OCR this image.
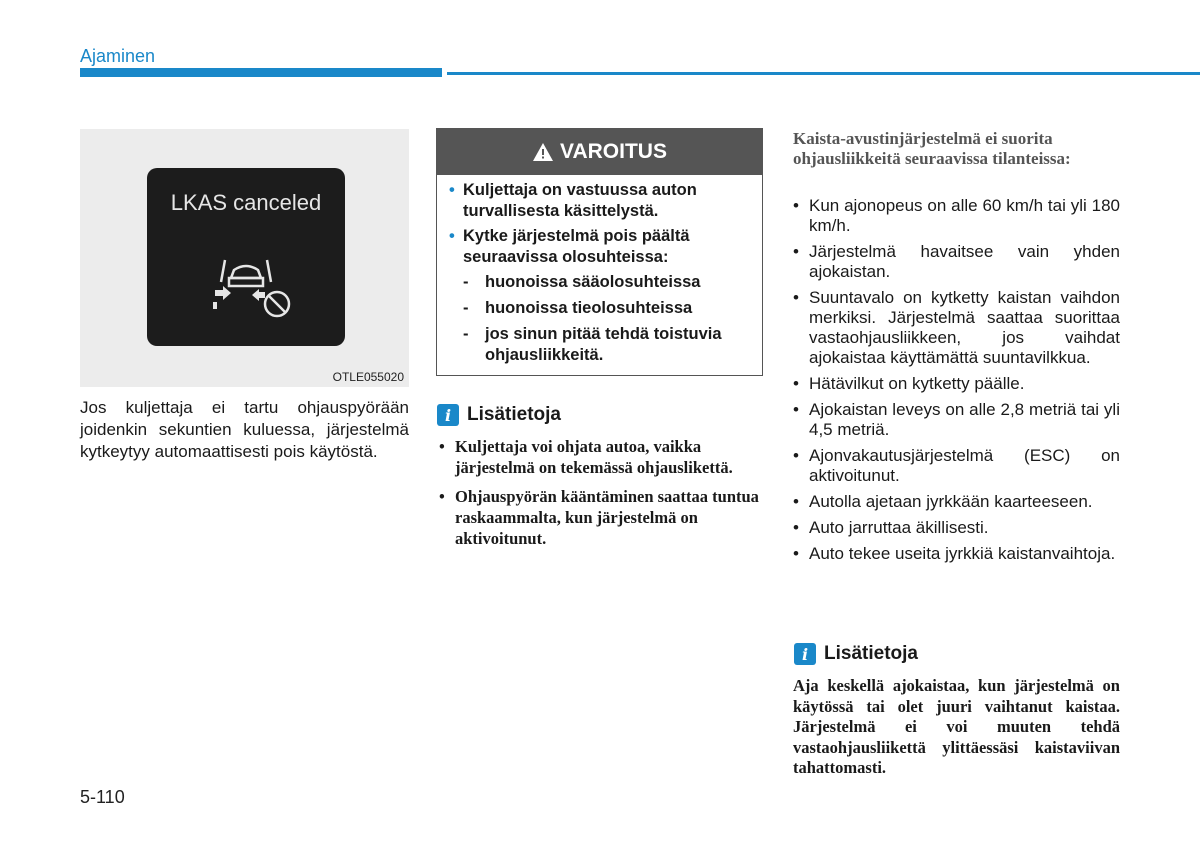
Ajaminen
LKAS canceled
OTLE055020
Jos kuljettaja ei tartu ohjauspyörään joidenkin sekuntien kuluessa, järjestelmä kytkeytyy automaattisesti pois käytöstä.
VAROITUS
• Kuljettaja on vastuussa auton turvallisesta käsittelystä.
• Kytke järjestelmä pois päältä seuraavissa olosuhteissa:
- huonoissa sääolosuhteissa
- huonoissa tieolosuhteissa
- jos sinun pitää tehdä toistuvia ohjausliikkeitä.
i Lisätietoja
• Kuljettaja voi ohjata autoa, vaikka järjestelmä on tekemässä ohjauslikettä.
• Ohjauspyörän kääntäminen saattaa tuntua raskaammalta, kun järjestelmä on aktivoitunut.
Kaista-avustinjärjestelmä ei suorita ohjausliikkeitä seuraavissa tilanteissa:
• Kun ajonopeus on alle 60 km/h tai yli 180 km/h.
• Järjestelmä havaitsee vain yhden ajokaistan.
• Suuntavalo on kytketty kaistan vaihdon merkiksi. Järjestelmä saattaa suorittaa vastaohjausliikkeen, jos vaihdat ajokaistaa käyttämättä suuntavilkkua.
• Hätävilkut on kytketty päälle.
• Ajokaistan leveys on alle 2,8 metriä tai yli 4,5 metriä.
• Ajonvakautusjärjestelmä (ESC) on aktivoitunut.
• Autolla ajetaan jyrkkään kaarteeseen.
• Auto jarruttaa äkillisesti.
• Auto tekee useita jyrkkiä kaistanvaihtoja.
i Lisätietoja
Aja keskellä ajokaistaa, kun järjestelmä on käytössä tai olet juuri vaihtanut kaistaa. Järjestelmä ei voi muuten tehdä vastaohjausliikettä ylittäessäsi kaistaviivan tahattomasti.
5-110
